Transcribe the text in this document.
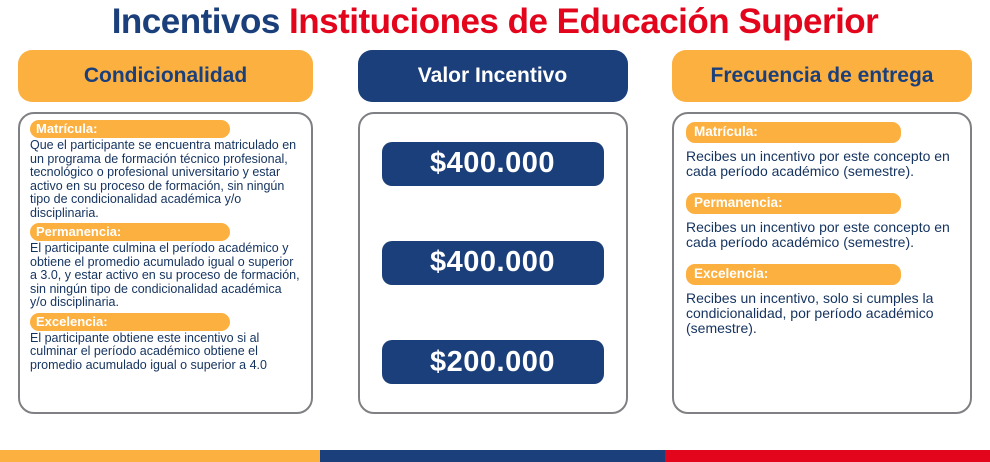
Incentivos Instituciones de Educación Superior
Condicionalidad	Valor Incentivo	Frecuencia de entrega
Matrícula:
Que el participante se encuentra matriculado en un programa de formación técnico profesional, tecnológico o profesional universitario y estar activo en su proceso de formación, sin ningún tipo de condicionalidad académica y/o disciplinaria.
Permanencia:
El participante culmina el período académico y obtiene el promedio acumulado igual o superior a 3.0, y estar activo en su proceso de formación, sin ningún tipo de condicionalidad académica y/o disciplinaria.
Excelencia:
El participante obtiene este incentivo si al culminar el período académico obtiene el promedio acumulado igual o superior a 4.0
$400.000
$400.000
$200.000
Matrícula:
Recibes un incentivo por este concepto en cada período académico (semestre).
Permanencia:
Recibes un incentivo por este concepto en cada período académico (semestre).
Excelencia:
Recibes un incentivo, solo si cumples la condicionalidad, por período académico (semestre).
